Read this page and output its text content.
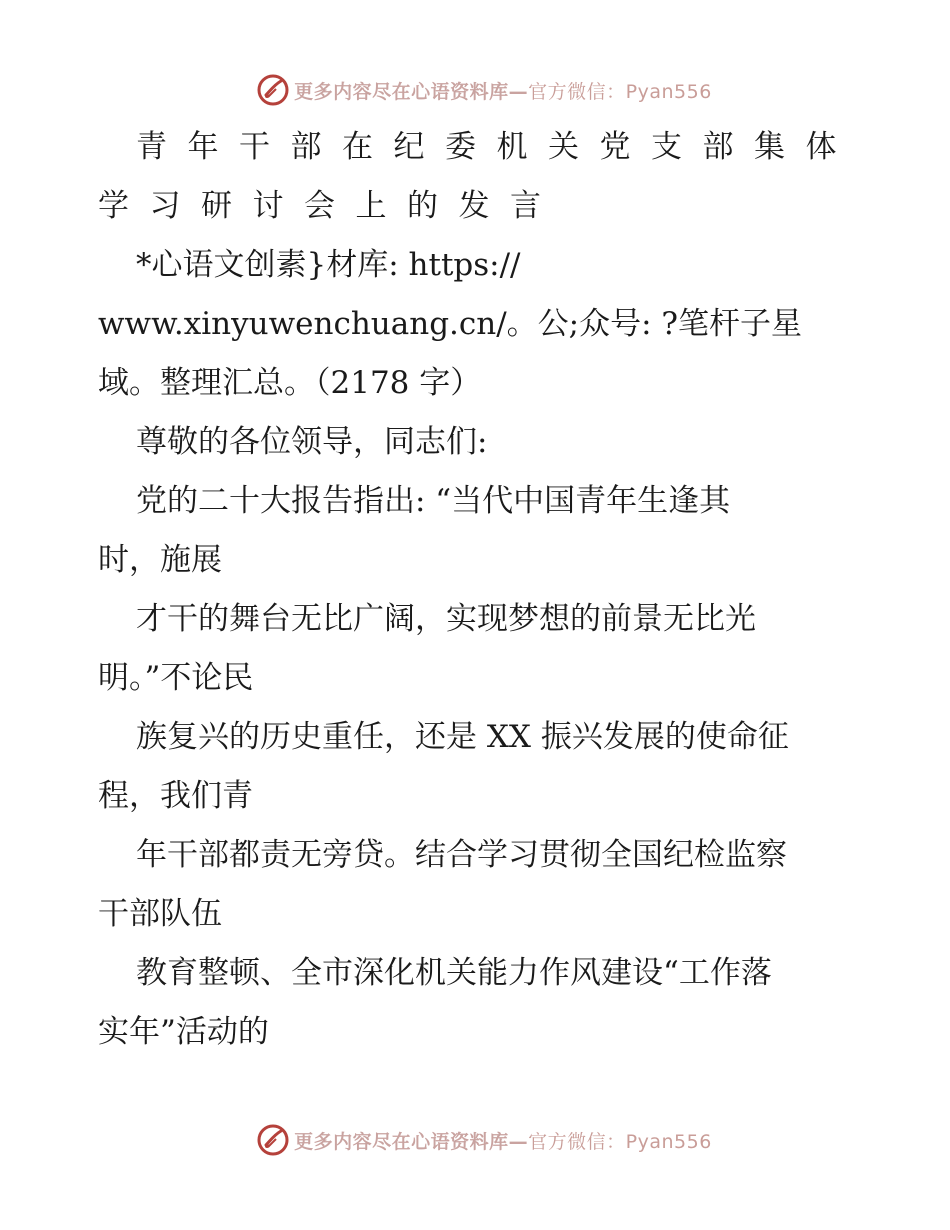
更多内容尽在心语资料库—官方微信：Pyan556
青年干部在纪委机关党支部集体
学习研讨会上的发言
*心语文创素}材库: https://
www.xinyuwenchuang.cn/。公;众号: ?笔杆子星
域。整理汇总。（2178 字）
尊敬的各位领导，同志们:
党的二十大报告指出: “当代中国青年生逢其
时，施展
才干的舞台无比广阔，实现梦想的前景无比光
明。”不论民
族复兴的历史重任，还是 XX 振兴发展的使命征
程，我们青
年干部都责无旁贷。结合学习贯彻全国纪检监察
干部队伍
教育整顿、全市深化机关能力作风建设“工作落
实年”活动的
更多内容尽在心语资料库—官方微信：Pyan556
